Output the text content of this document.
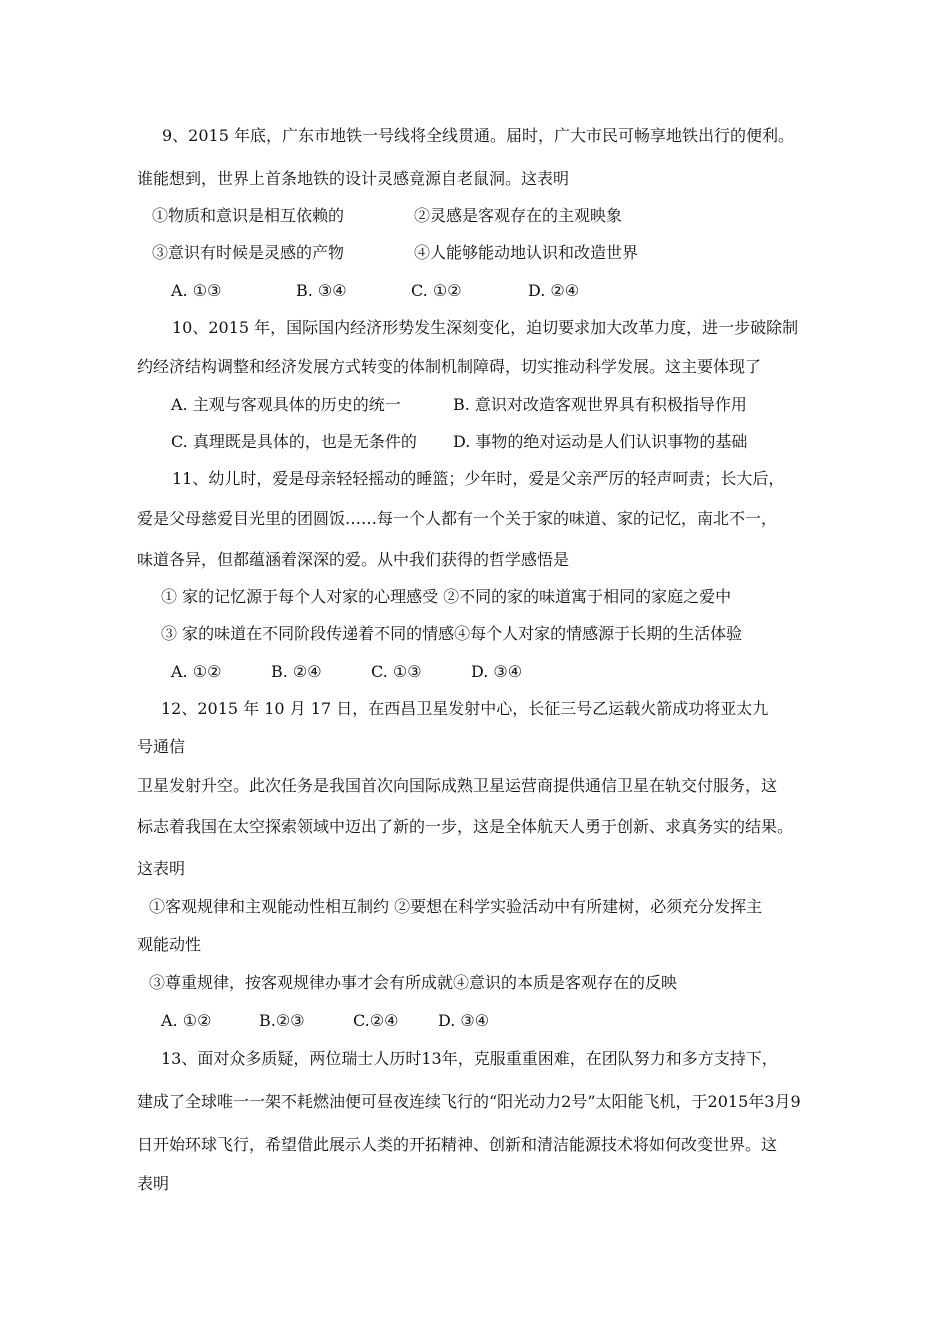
9、2015 年底，广东市地铁一号线将全线贯通。届时，广大市民可畅享地铁出行的便利。
谁能想到，世界上首条地铁的设计灵感竟源自老鼠洞。这表明
①物质和意识是相互依赖的	②灵感是客观存在的主观映象
③意识有时候是灵感的产物	④人能够能动地认识和改造世界
A. ①③	B. ③④	C. ①②	D. ②④
10、2015 年，国际国内经济形势发生深刻变化，迫切要求加大改革力度，进一步破除制
约经济结构调整和经济发展方式转变的体制机制障碍，切实推动科学发展。这主要体现了
A. 主观与客观具体的历史的统一	B. 意识对改造客观世界具有积极指导作用
C. 真理既是具体的，也是无条件的 D. 事物的绝对运动是人们认识事物的基础
11、幼儿时，爱是母亲轻轻摇动的睡篮；少年时，爱是父亲严厉的轻声呵责；长大后，
爱是父母慈爱目光里的团圆饭……每一个人都有一个关于家的味道、家的记忆，南北不一，
味道各异，但都蕴涵着深深的爱。从中我们获得的哲学感悟是
① 家的记忆源于每个人对家的心理感受 ②不同的家的味道寓于相同的家庭之爱中
③ 家的味道在不同阶段传递着不同的情感④每个人对家的情感源于长期的生活体验
A. ①②	B. ②④	C. ①③	D. ③④
12、2015 年 10 月 17 日，在西昌卫星发射中心，长征三号乙运载火箭成功将亚太九
号通信
卫星发射升空。此次任务是我国首次向国际成熟卫星运营商提供通信卫星在轨交付服务，这
标志着我国在太空探索领域中迈出了新的一步，这是全体航天人勇于创新、求真务实的结果。
这表明
①客观规律和主观能动性相互制约 ②要想在科学实验活动中有所建树，必须充分发挥主
观能动性
③尊重规律，按客观规律办事才会有所成就④意识的本质是客观存在的反映
A. ①②	B.②③	C.②④ D. ③④
13、面对众多质疑，两位瑞士人历时13年，克服重重困难，在团队努力和多方支持下，
建成了全球唯一一架不耗燃油便可昼夜连续飞行的“阳光动力2号”太阳能飞机，于2015年3月9
日开始环球飞行，希望借此展示人类的开拓精神、创新和清洁能源技术将如何改变世界。这
表明
